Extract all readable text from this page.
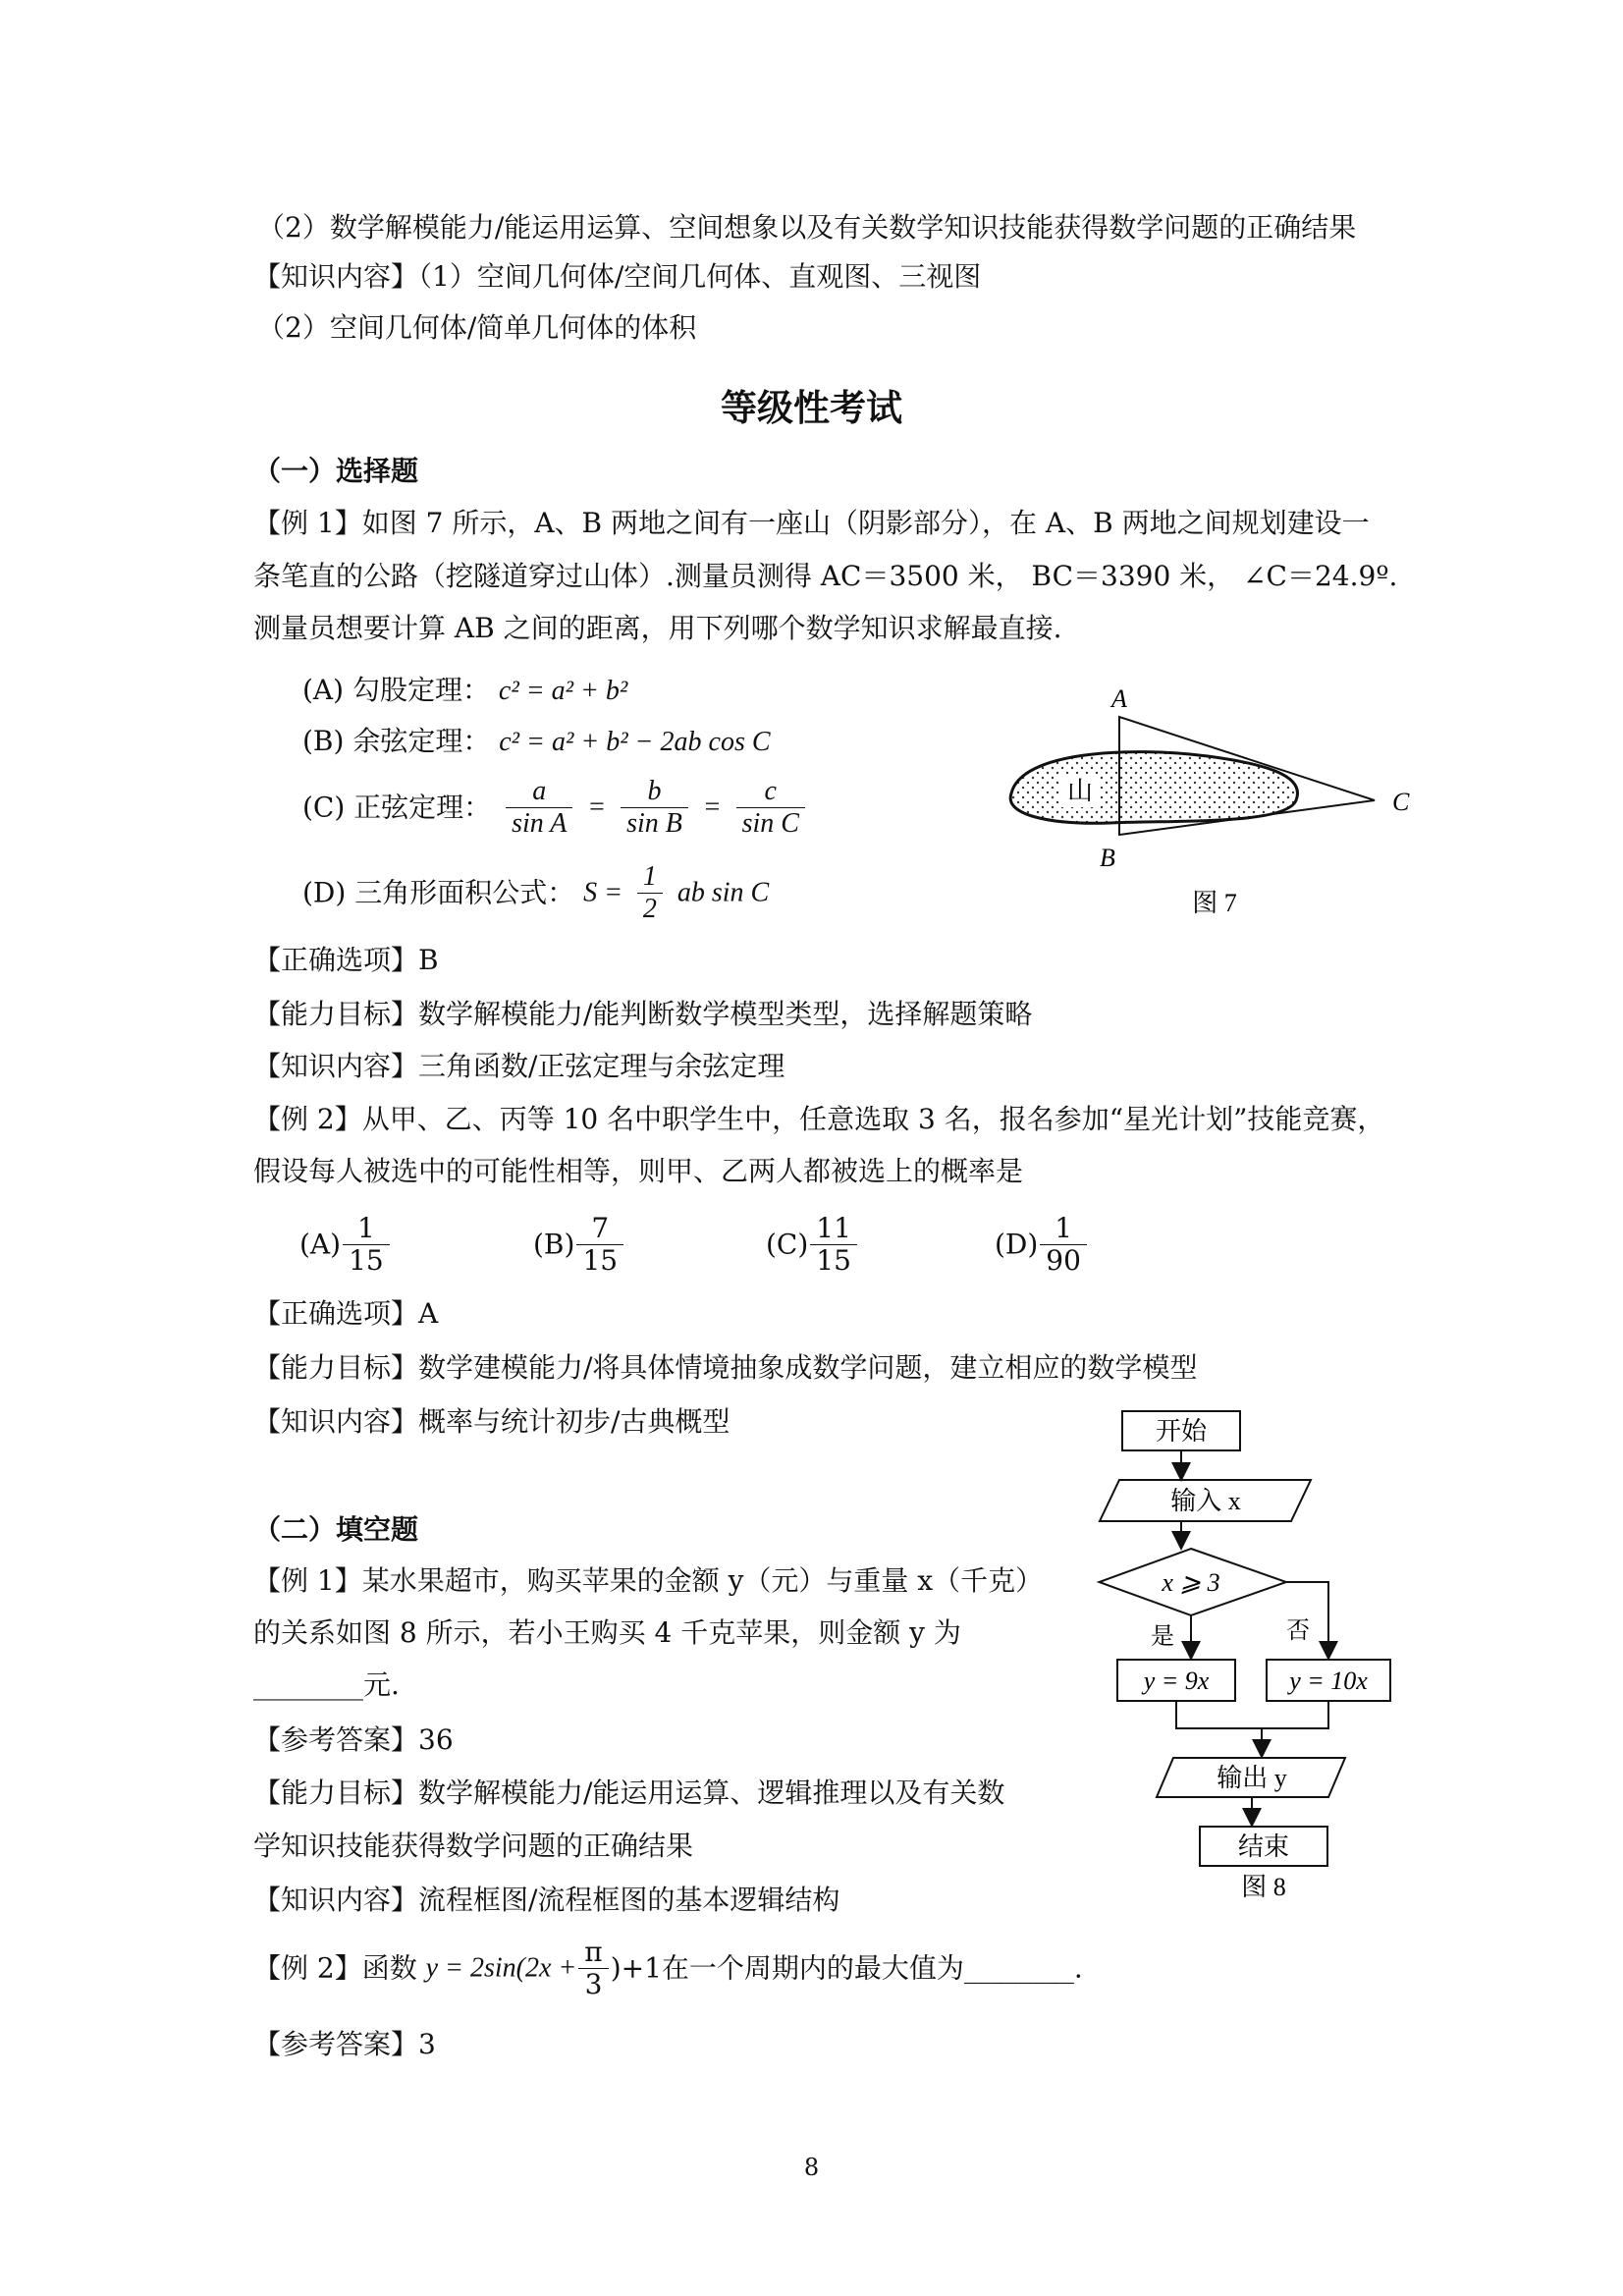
（2）数学解模能力/能运用运算、空间想象以及有关数学知识技能获得数学问题的正确结果
【知识内容】（1）空间几何体/空间几何体、直观图、三视图
（2）空间几何体/简单几何体的体积
等级性考试
（一）选择题
【例 1】如图 7 所示，A、B 两地之间有一座山（阴影部分），在 A、B 两地之间规划建设一
条笔直的公路（挖隧道穿过山体）.测量员测得 AC＝3500 米， BC＝3390 米， ∠C＝24.9º.
测量员想要计算 AB 之间的距离，用下列哪个数学知识求解最直接.
(A) 勾股定理： c² = a² + b²
(B) 余弦定理： c² = a² + b² − 2ab cos C
(C) 正弦定理： $\frac{a}{\text{sin A}} = \frac{b}{\text{sin B}} = \frac{c}{\text{sin C}}$
(D) 三角形面积公式： $S = \frac{1}{2}$ ab sin C
山
A
B
C
图 7
【正确选项】B
【能力目标】数学解模能力/能判断数学模型类型，选择解题策略
【知识内容】三角函数/正弦定理与余弦定理
【例 2】从甲、乙、丙等 10 名中职学生中，任意选取 3 名，报名参加“星光计划”技能竞赛，
假设每人被选中的可能性相等，则甲、乙两人都被选上的概率是
$(A) \frac{1}{15}$	$(B) \frac{7}{15}$	$(C) \frac{11}{15}$	$(D) \frac{1}{90}$
【正确选项】A
【能力目标】数学建模能力/将具体情境抽象成数学问题，建立相应的数学模型
【知识内容】概率与统计初步/古典概型
（二）填空题
【例 1】某水果超市，购买苹果的金额 y（元）与重量 x（千克）
的关系如图 8 所示，若小王购买 4 千克苹果，则金额 y 为
________元.
【参考答案】36
【能力目标】数学解模能力/能运用运算、逻辑推理以及有关数
学知识技能获得数学问题的正确结果
【知识内容】流程框图/流程框图的基本逻辑结构
【例 2】函数 $y = 2\sin(2x + \frac{\pi}{3} )+1$在一个周期内的最大值为________.
【参考答案】3
开始
输入 x
x ⩾ 3
是	否
y = 9x	y = 10x
输出 y
结束
图 8
8
